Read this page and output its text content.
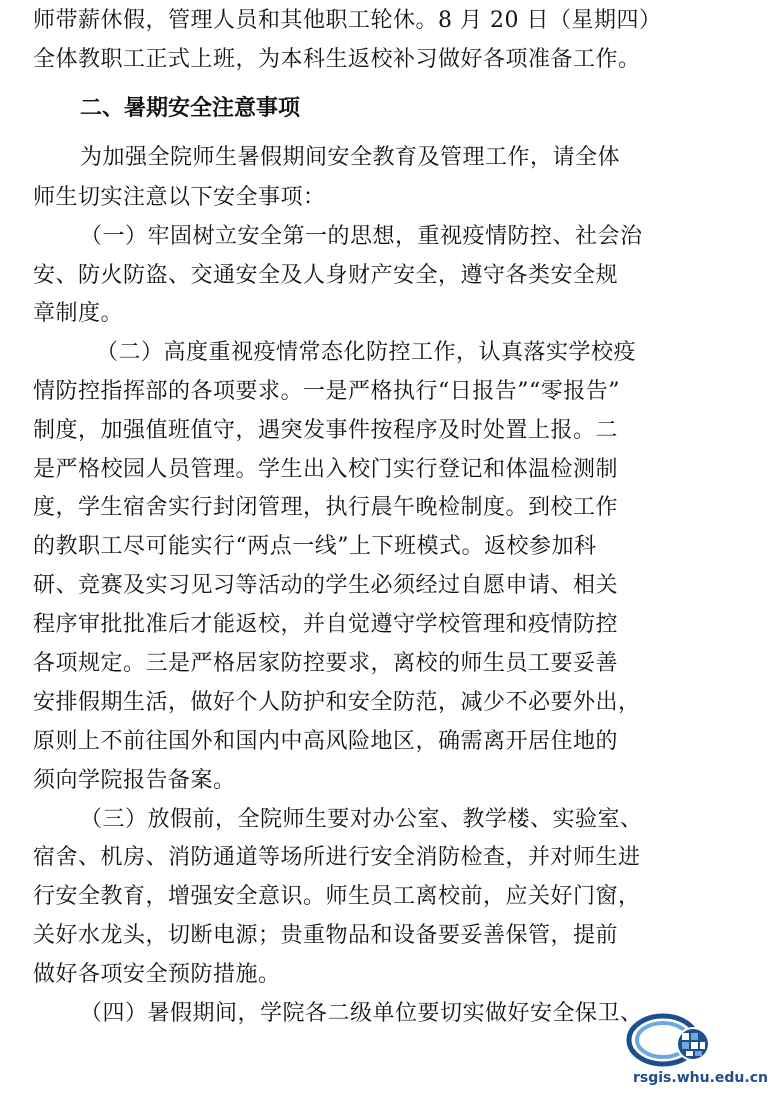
师带薪休假，管理人员和其他职工轮休。8 月 20 日（星期四）
全体教职工正式上班，为本科生返校补习做好各项准备工作。
二、暑期安全注意事项
为加强全院师生暑假期间安全教育及管理工作，请全体
师生切实注意以下安全事项：
（一）牢固树立安全第一的思想，重视疫情防控、社会治
安、防火防盗、交通安全及人身财产安全，遵守各类安全规
章制度。
（二）高度重视疫情常态化防控工作，认真落实学校疫
情防控指挥部的各项要求。一是严格执行“日报告”“零报告”
制度，加强值班值守，遇突发事件按程序及时处置上报。二
是严格校园人员管理。学生出入校门实行登记和体温检测制
度，学生宿舍实行封闭管理，执行晨午晚检制度。到校工作
的教职工尽可能实行“两点一线”上下班模式。返校参加科
研、竞赛及实习见习等活动的学生必须经过自愿申请、相关
程序审批批准后才能返校，并自觉遵守学校管理和疫情防控
各项规定。三是严格居家防控要求，离校的师生员工要妥善
安排假期生活，做好个人防护和安全防范，减少不必要外出，
原则上不前往国外和国内中高风险地区，确需离开居住地的
须向学院报告备案。
（三）放假前，全院师生要对办公室、教学楼、实验室、
宿舍、机房、消防通道等场所进行安全消防检查，并对师生进
行安全教育，增强安全意识。师生员工离校前，应关好门窗，
关好水龙头，切断电源；贵重物品和设备要妥善保管，提前
做好各项安全预防措施。
（四）暑假期间，学院各二级单位要切实做好安全保卫、
rsgis.whu.edu.cn
